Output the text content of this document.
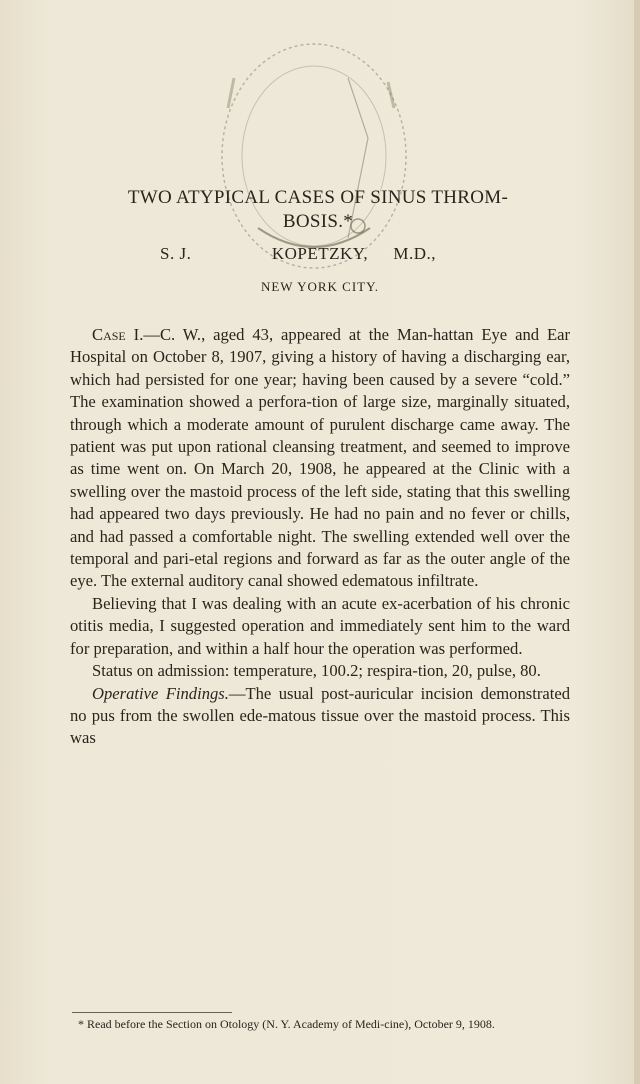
TWO ATYPICAL CASES OF SINUS THROM-
BOSIS.*
S. J.	KOPETZKY, M.D.,
NEW YORK CITY.

Case I.—C. W., aged 43, appeared at the Man-hattan Eye and Ear Hospital on October 8, 1907, giving a history of having a discharging ear, which had persisted for one year; having been caused by a severe “cold.” The examination showed a perfora-tion of large size, marginally situated, through which a moderate amount of purulent discharge came away. The patient was put upon rational cleansing treatment, and seemed to improve as time went on. On March 20, 1908, he appeared at the Clinic with a swelling over the mastoid process of the left side, stating that this swelling had appeared two days previously. He had no pain and no fever or chills, and had passed a comfortable night. The swelling extended well over the temporal and pari-etal regions and forward as far as the outer angle of the eye. The external auditory canal showed edematous infiltrate.

Believing that I was dealing with an acute ex-acerbation of his chronic otitis media, I suggested operation and immediately sent him to the ward for preparation, and within a half hour the operation was performed.

Status on admission: temperature, 100.2; respira-tion, 20, pulse, 80.

Operative Findings.—The usual post-auricular incision demonstrated no pus from the swollen ede-matous tissue over the mastoid process. This was

* Read before the Section on Otology (N. Y. Academy of Medi-cine), October 9, 1908.
